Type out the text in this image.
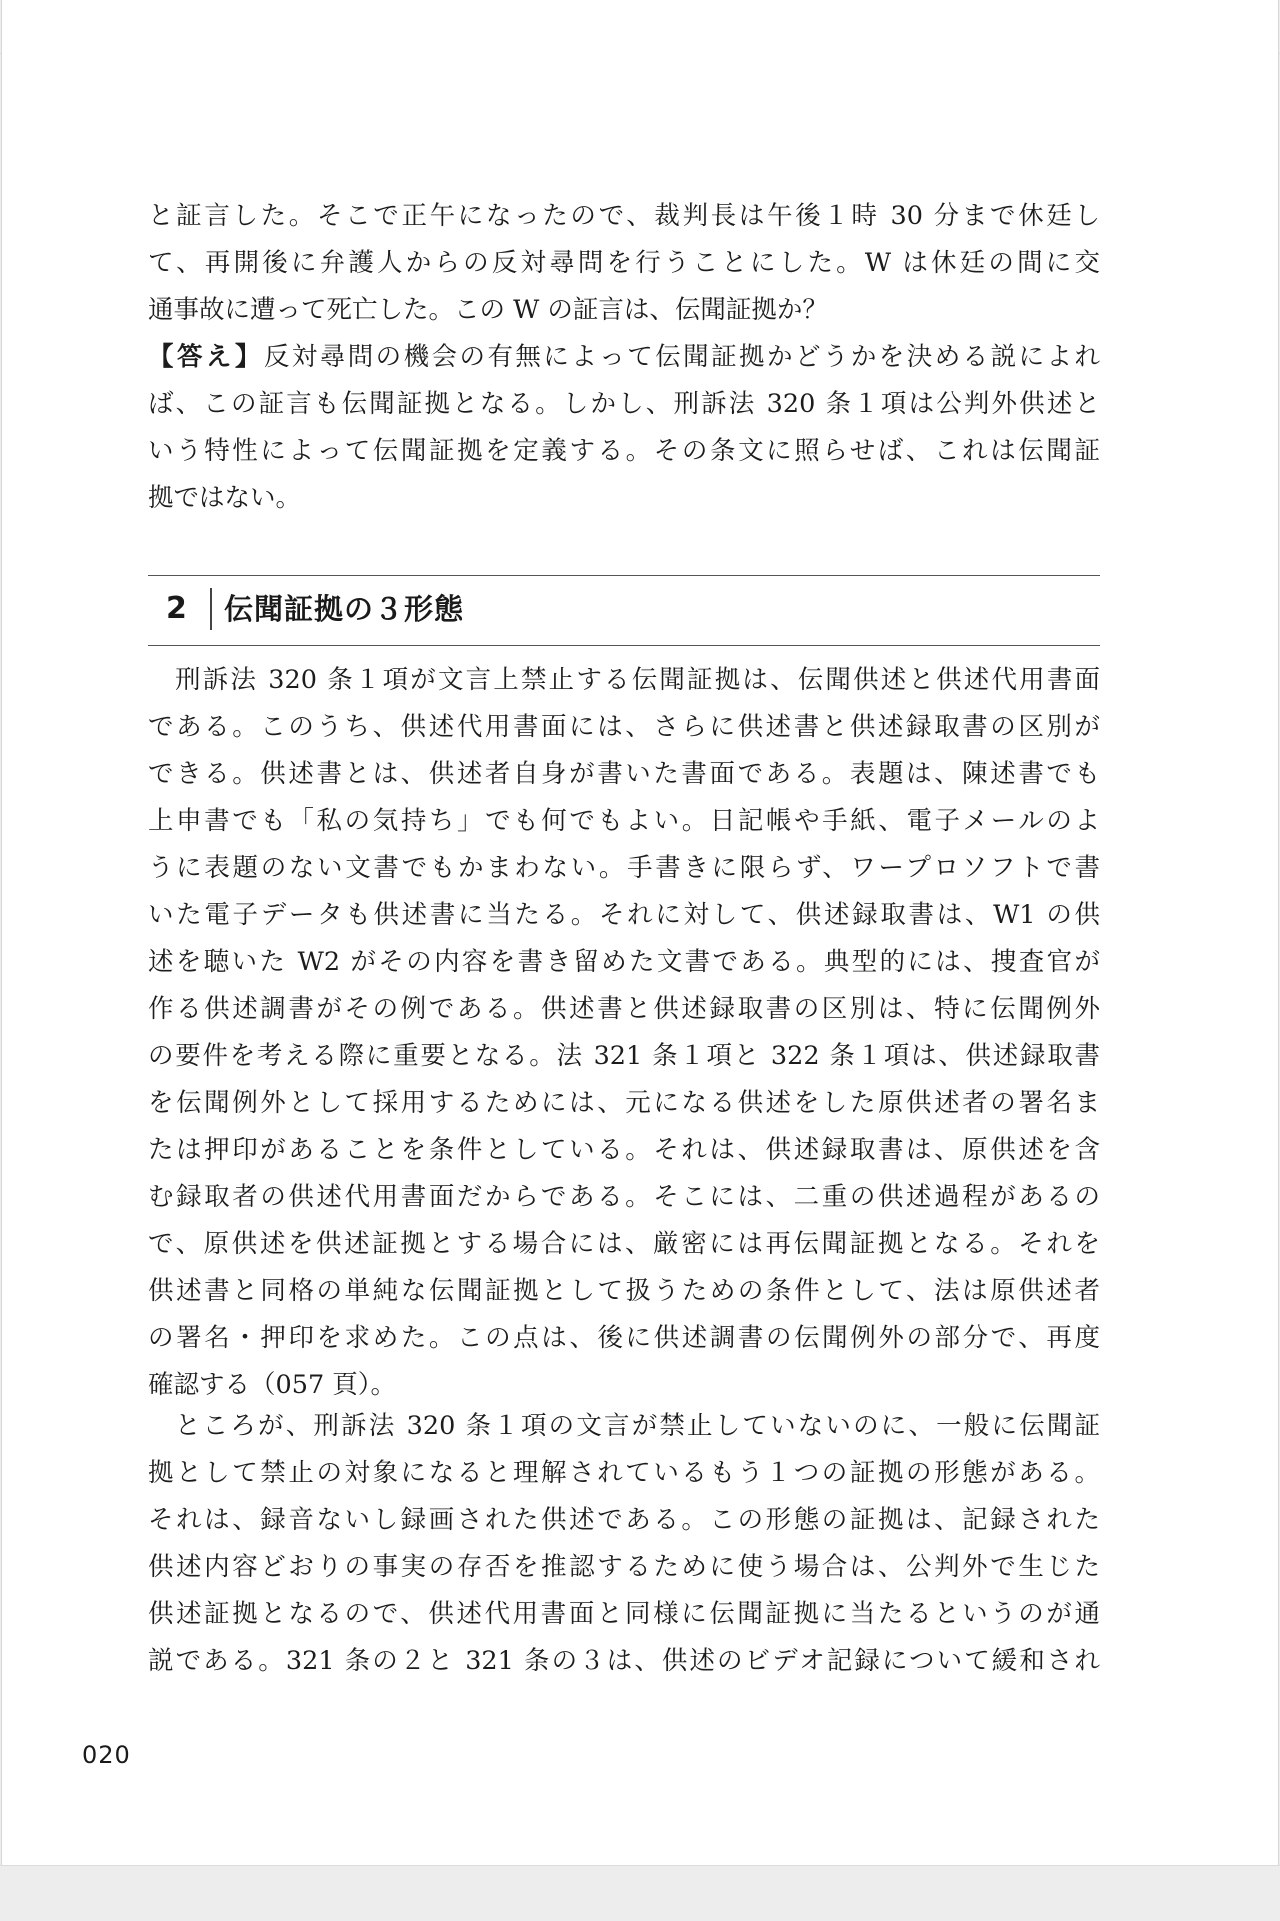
と証言した。そこで正午になったので、裁判長は午後１時 30 分まで休廷し
て、再開後に弁護人からの反対尋問を行うことにした。W は休廷の間に交
通事故に遭って死亡した。この W の証言は、伝聞証拠か？
【答え】反対尋問の機会の有無によって伝聞証拠かどうかを決める説によれ
ば、この証言も伝聞証拠となる。しかし、刑訴法 320 条１項は公判外供述と
いう特性によって伝聞証拠を定義する。その条文に照らせば、これは伝聞証
拠ではない。
2 伝聞証拠の３形態
刑訴法 320 条１項が文言上禁止する伝聞証拠は、伝聞供述と供述代用書面
である。このうち、供述代用書面には、さらに供述書と供述録取書の区別が
できる。供述書とは、供述者自身が書いた書面である。表題は、陳述書でも
上申書でも「私の気持ち」でも何でもよい。日記帳や手紙、電子メールのよ
うに表題のない文書でもかまわない。手書きに限らず、ワープロソフトで書
いた電子データも供述書に当たる。それに対して、供述録取書は、W1 の供
述を聴いた W2 がその内容を書き留めた文書である。典型的には、捜査官が
作る供述調書がその例である。供述書と供述録取書の区別は、特に伝聞例外
の要件を考える際に重要となる。法 321 条１項と 322 条１項は、供述録取書
を伝聞例外として採用するためには、元になる供述をした原供述者の署名ま
たは押印があることを条件としている。それは、供述録取書は、原供述を含
む録取者の供述代用書面だからである。そこには、二重の供述過程があるの
で、原供述を供述証拠とする場合には、厳密には再伝聞証拠となる。それを
供述書と同格の単純な伝聞証拠として扱うための条件として、法は原供述者
の署名・押印を求めた。この点は、後に供述調書の伝聞例外の部分で、再度
確認する（057 頁）。
ところが、刑訴法 320 条１項の文言が禁止していないのに、一般に伝聞証
拠として禁止の対象になると理解されているもう１つの証拠の形態がある。
それは、録音ないし録画された供述である。この形態の証拠は、記録された
供述内容どおりの事実の存否を推認するために使う場合は、公判外で生じた
供述証拠となるので、供述代用書面と同様に伝聞証拠に当たるというのが通
説である。321 条の２と 321 条の３は、供述のビデオ記録について緩和され
020
